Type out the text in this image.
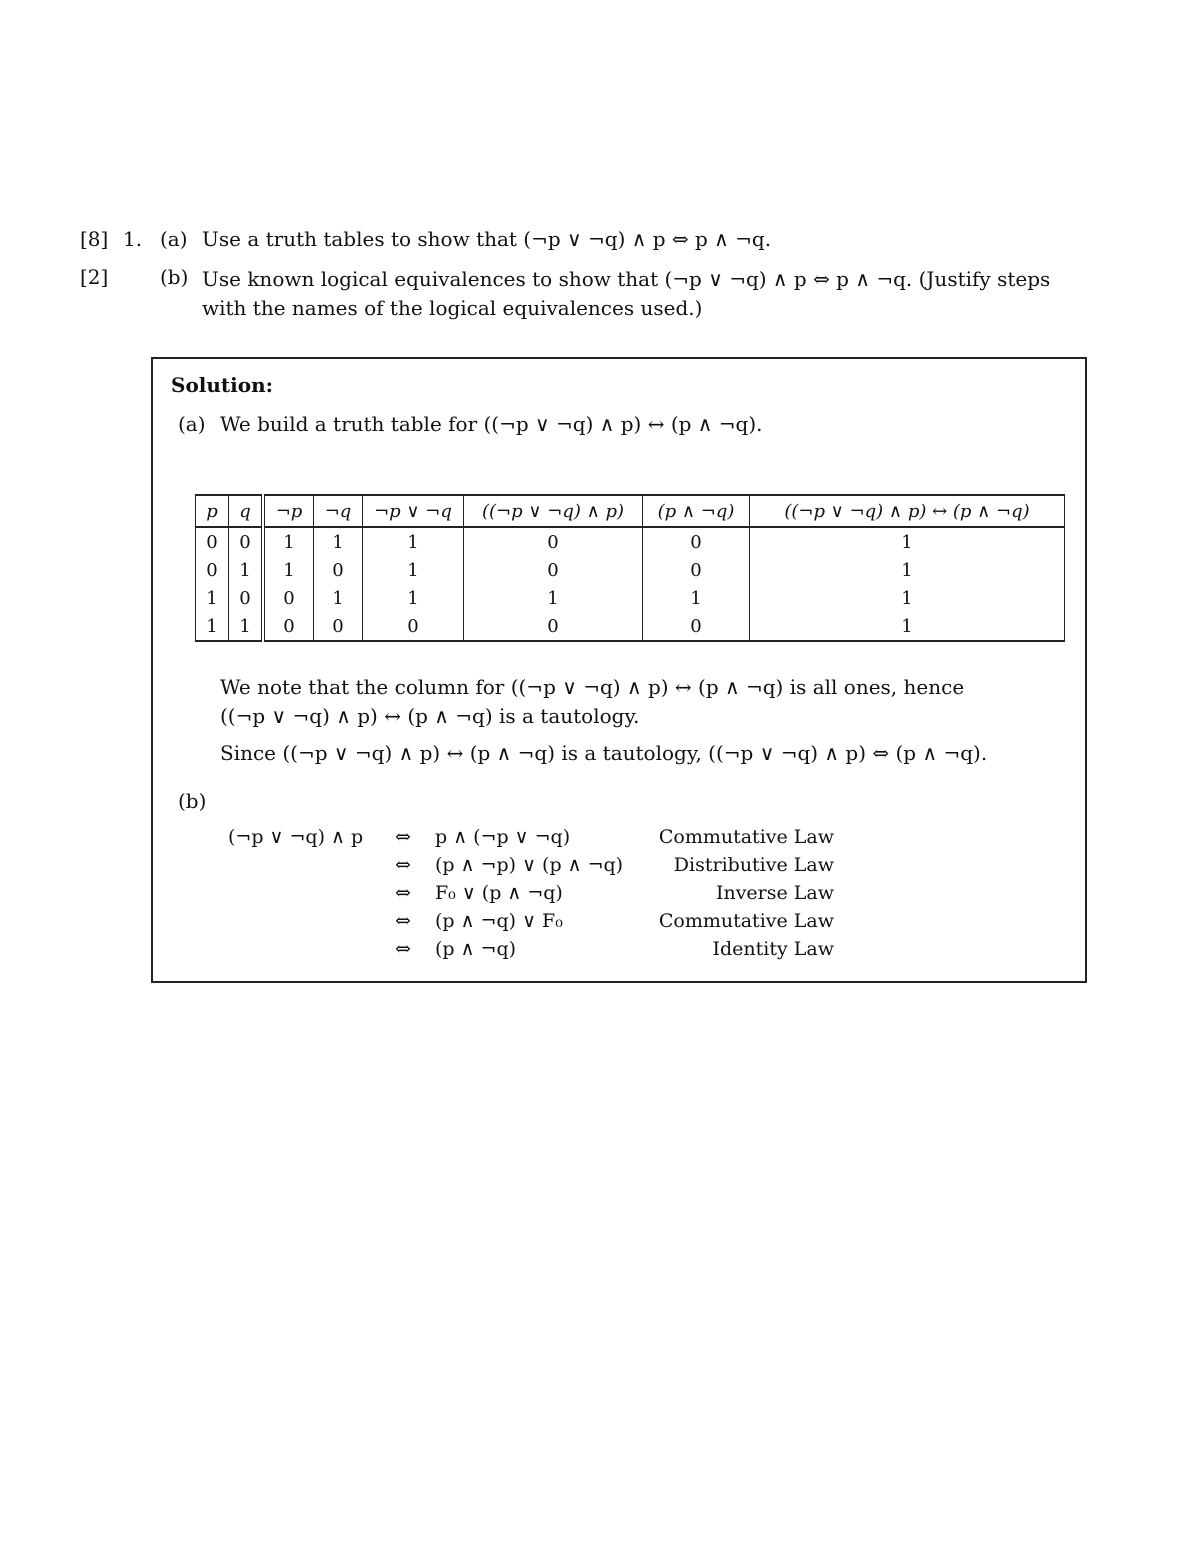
[8] 1. (a) Use a truth tables to show that (¬p ∨ ¬q) ∧ p ⇔ p ∧ ¬q.
[2]	(b) Use known logical equivalences to show that (¬p ∨ ¬q) ∧ p ⇔ p ∧ ¬q. (Justify steps with the names of the logical equivalences used.)
Solution:
(a) We build a truth table for ((¬p ∨ ¬q) ∧ p) ↔ (p ∧ ¬q).
p	q	¬p	¬q	¬p ∨ ¬q	((¬p ∨ ¬q) ∧ p)	(p ∧ ¬q)	((¬p ∨ ¬q) ∧ p) ↔ (p ∧ ¬q)
0	0	1	1	1	0	0	1
0	1	1	0	1	0	0	1
1	0	0	1	1	1	1	1
1	1	0	0	0	0	0	1
We note that the column for ((¬p ∨ ¬q) ∧ p) ↔ (p ∧ ¬q) is all ones, hence
((¬p ∨ ¬q) ∧ p) ↔ (p ∧ ¬q) is a tautology.
Since ((¬p ∨ ¬q) ∧ p) ↔ (p ∧ ¬q) is a tautology, ((¬p ∨ ¬q) ∧ p) ⇔ (p ∧ ¬q).
(b)
(¬p ∨ ¬q) ∧ p	⇔	p ∧ (¬p ∨ ¬q)	Commutative Law
⇔	(p ∧ ¬p) ∨ (p ∧ ¬q)	Distributive Law
⇔	F₀ ∨ (p ∧ ¬q)	Inverse Law
⇔	(p ∧ ¬q) ∨ F₀	Commutative Law
⇔	(p ∧ ¬q)	Identity Law
